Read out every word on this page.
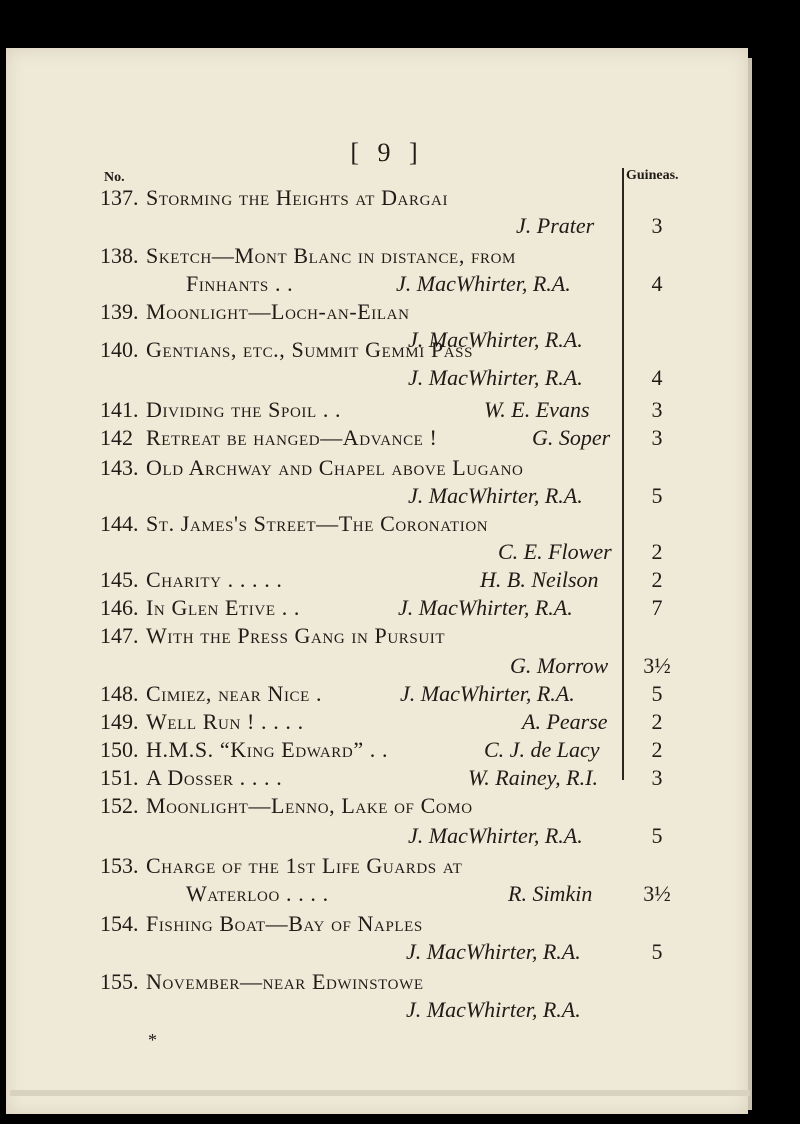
[ 9 ]
No.	Guineas.
137. Storming the Heights at Dargai
J. Prater	3
138. Sketch—Mont Blanc in distance, from
Finhants . .	J. MacWhirter, R.A.	4
139. Moonlight—Loch-an-Eilan
J. MacWhirter, R.A.
140. Gentians, etc., Summit Gemmi Pass
J. MacWhirter, R.A.	4
141. Dividing the Spoil . .	W. E. Evans	3
142 Retreat be hanged—Advance !	G. Soper	3
143. Old Archway and Chapel above Lugano
J. MacWhirter, R.A.	5
144. St. James's Street—The Coronation
C. E. Flower	2
145. Charity . . . . .	H. B. Neilson	2
146. In Glen Etive . .	J. MacWhirter, R.A.	7
147. With the Press Gang in Pursuit
G. Morrow 3½
148. Cimiez, near Nice .	J. MacWhirter, R.A.	5
149. Well Run ! . . . .	A. Pearse	2
150. H.M.S. “King Edward” . .	C. J. de Lacy	2
151. A Dosser . . . .	W. Rainey, R.I.	3
152. Moonlight—Lenno, Lake of Como
J. MacWhirter, R.A.	5
153. Charge of the 1st Life Guards at
Waterloo . . . .	R. Simkin 3½
154. Fishing Boat—Bay of Naples
J. MacWhirter, R.A.	5
155. November—near Edwinstowe
J. MacWhirter, R.A.
*
